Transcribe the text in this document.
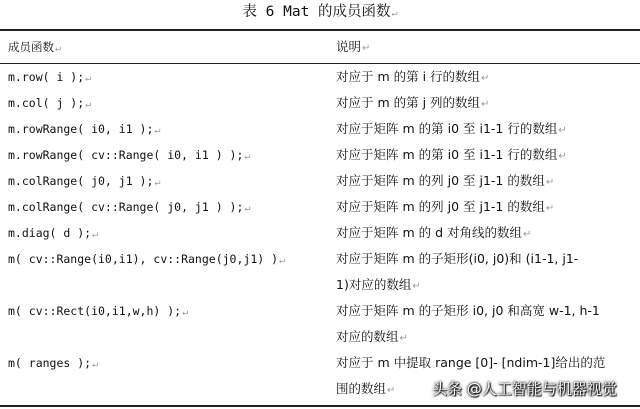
表 6 Mat 的成员函数↵
成员函数↵	说明↵
m.row( i );↵	对应于 m 的第 i 行的数组↵
m.col( j );↵	对应于 m 的第 j 列的数组↵
m.rowRange( i0, i1 );↵	对应于矩阵 m 的第 i0 至 i1-1 行的数组↵
m.rowRange( cv::Range( i0, i1 ) );↵	对应于矩阵 m 的第 i0 至 i1-1 行的数组↵
m.colRange( j0, j1 );↵	对应于矩阵 m 的列 j0 至 j1-1 的数组↵
m.colRange( cv::Range( j0, j1 ) );↵	对应于矩阵 m 的列 j0 至 j1-1 的数组↵
m.diag( d );↵	对应于矩阵 m 的 d 对角线的数组↵
m( cv::Range(i0,i1), cv::Range(j0,j1) )↵	对应于矩阵 m 的子矩形(i0, j0)和 (i1-1, j1-
1)对应的数组↵
m( cv::Rect(i0,i1,w,h) );↵	对应于矩阵 m 的子矩形 i0, j0 和高宽 w-1, h-1
对应的数组↵
m( ranges );↵	对应于 m 中提取 range [0]- [ndim-1]给出的范
围的数组↵	头条 @人工智能与机器视觉
